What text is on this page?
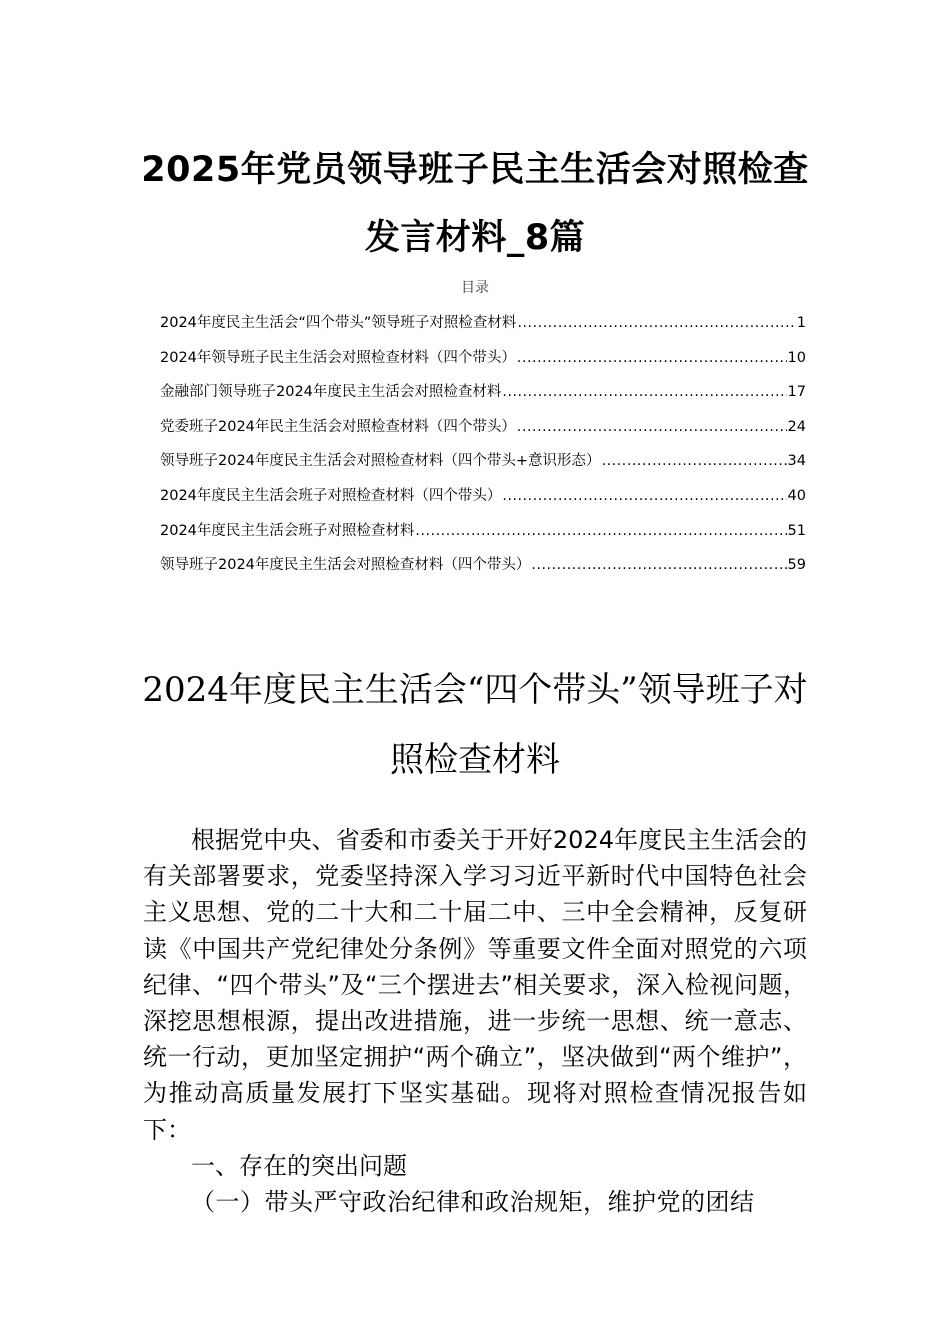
2025年党员领导班子民主生活会对照检查发言材料_8篇
目录
2024年度民主生活会“四个带头”领导班子对照检查材料 .....	1
2024年领导班子民主生活会对照检查材料（四个带头） .....	10
金融部门领导班子2024年度民主生活会对照检查材料 .....	17
党委班子2024年民主生活会对照检查材料（四个带头） .....	24
领导班子2024年度民主生活会对照检查材料（四个带头+意识形态） .....	34
2024年度民主生活会班子对照检查材料（四个带头） .....	40
2024年度民主生活会班子对照检查材料 .....	51
领导班子2024年度民主生活会对照检查材料（四个带头） .....	59
2024年度民主生活会“四个带头”领导班子对照检查材料

根据党中央、省委和市委关于开好2024年度民主生活会的有关部署要求，党委坚持深入学习习近平新时代中国特色社会主义思想、党的二十大和二十届二中、三中全会精神，反复研读《中国共产党纪律处分条例》等重要文件全面对照党的六项纪律、“四个带头”及“三个摆进去”相关要求，深入检视问题，深挖思想根源，提出改进措施，进一步统一思想、统一意志、统一行动，更加坚定拥护“两个确立”，坚决做到“两个维护”，为推动高质量发展打下坚实基础。现将对照检查情况报告如下：

一、存在的突出问题

（一）带头严守政治纪律和政治规矩，维护党的团结
